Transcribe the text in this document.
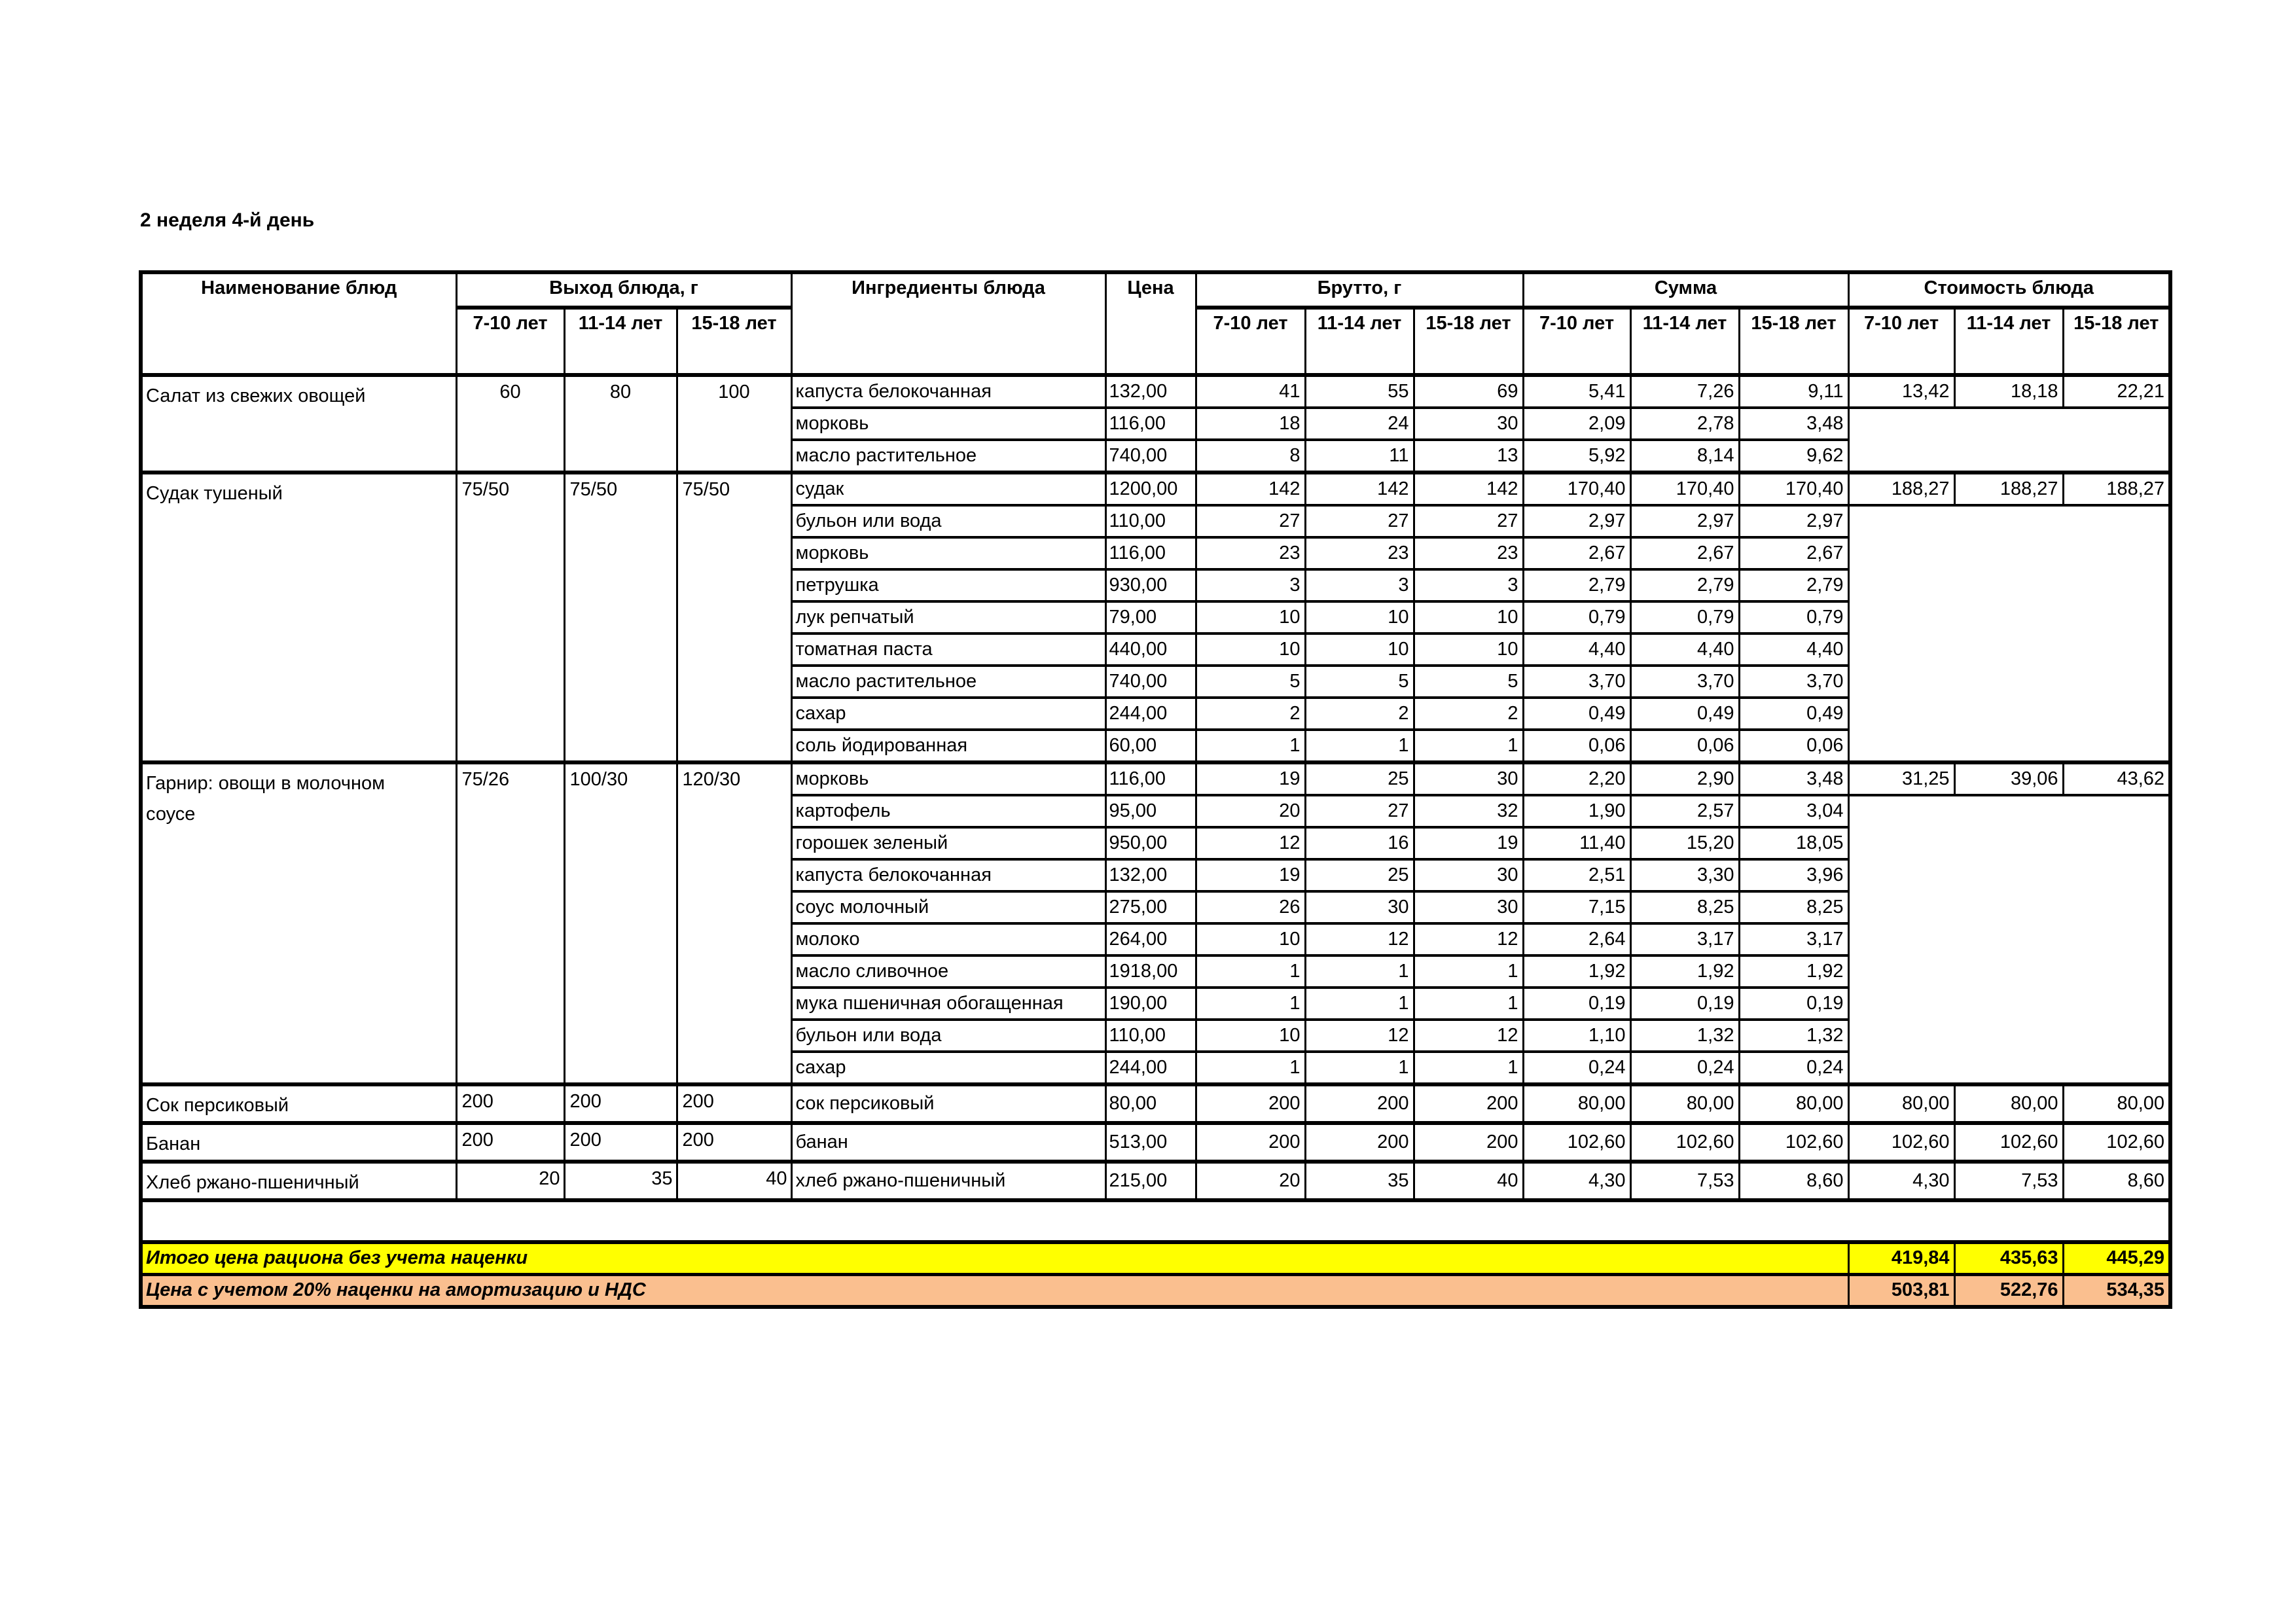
2 неделя 4-й день
Наименование блюд	Выход блюда, г			Ингредиенты блюда	Цена	Брутто, г			Сумма			Стоимость блюда		
	7-10 лет	11-14 лет	15-18 лет			7-10 лет	11-14 лет	15-18 лет	7-10 лет	11-14 лет	15-18 лет	7-10 лет	11-14 лет	15-18 лет
Салат из свежих овощей	60	80	100	капуста белокочанная	132,00	41	55	69	5,41	7,26	9,11	13,42	18,18	22,21
				морковь	116,00	18	24	30	2,09	2,78	3,48			
				масло растительное	740,00	8	11	13	5,92	8,14	9,62			
Судак тушеный	75/50	75/50	75/50	судак	1200,00	142	142	142	170,40	170,40	170,40	188,27	188,27	188,27
				бульон или вода	110,00	27	27	27	2,97	2,97	2,97			
				морковь	116,00	23	23	23	2,67	2,67	2,67			
				петрушка	930,00	3	3	3	2,79	2,79	2,79			
				лук репчатый	79,00	10	10	10	0,79	0,79	0,79			
				томатная паста	440,00	10	10	10	4,40	4,40	4,40			
				масло растительное	740,00	5	5	5	3,70	3,70	3,70			
				сахар	244,00	2	2	2	0,49	0,49	0,49			
				соль йодированная	60,00	1	1	1	0,06	0,06	0,06			
Гарнир: овощи в молочном соусе	75/26	100/30	120/30	морковь	116,00	19	25	30	2,20	2,90	3,48	31,25	39,06	43,62
				картофель	95,00	20	27	32	1,90	2,57	3,04			
				горошек зеленый	950,00	12	16	19	11,40	15,20	18,05			
				капуста белокочанная	132,00	19	25	30	2,51	3,30	3,96			
				соус молочный	275,00	26	30	30	7,15	8,25	8,25			
				молоко	264,00	10	12	12	2,64	3,17	3,17			
				масло сливочное	1918,00	1	1	1	1,92	1,92	1,92			
				мука пшеничная обогащенная	190,00	1	1	1	0,19	0,19	0,19			
				бульон или вода	110,00	10	12	12	1,10	1,32	1,32			
				сахар	244,00	1	1	1	0,24	0,24	0,24			
Сок персиковый	200	200	200	сок персиковый	80,00	200	200	200	80,00	80,00	80,00	80,00	80,00	80,00
Банан	200	200	200	банан	513,00	200	200	200	102,60	102,60	102,60	102,60	102,60	102,60
Хлеб ржано-пшеничный	20	35	40	хлеб ржано-пшеничный	215,00	20	35	40	4,30	7,53	8,60	4,30	7,53	8,60

Итого цена рациона без учета наценки												419,84	435,63	445,29
Цена с учетом 20% наценки на амортизацию и НДС												503,81	522,76	534,35
